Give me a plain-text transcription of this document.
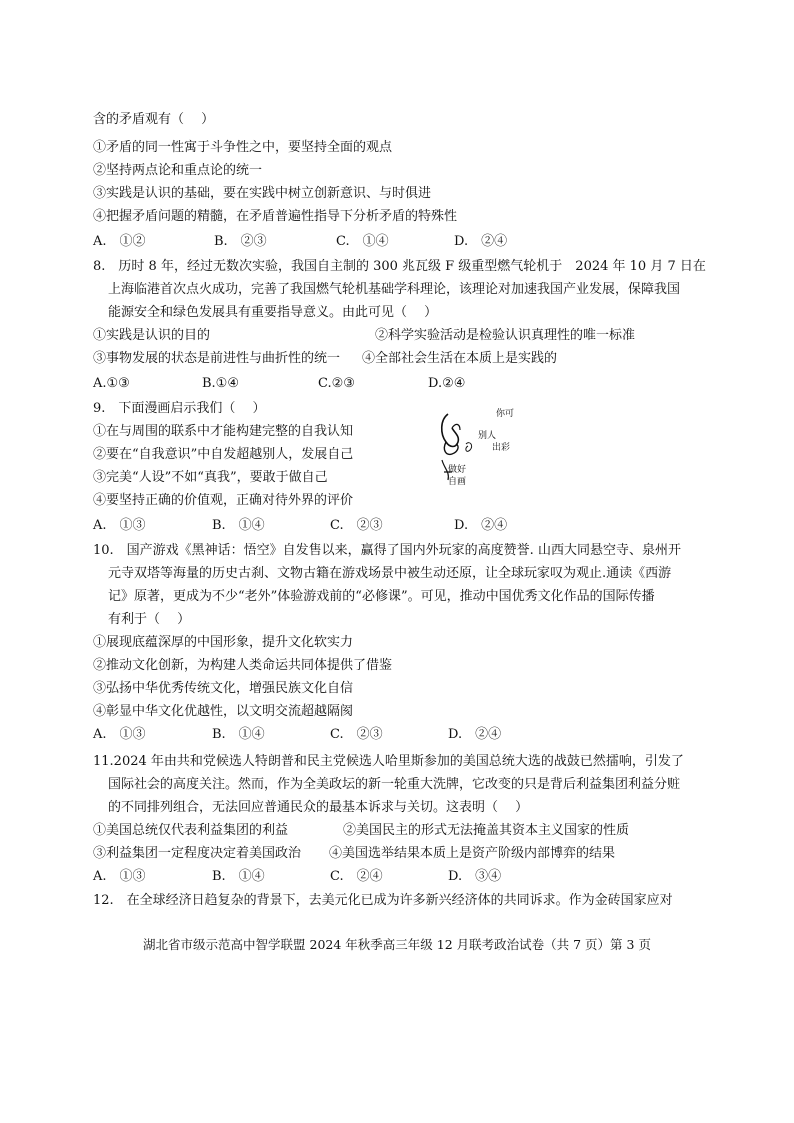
含的矛盾观有（　 ）
①矛盾的同一性寓于斗争性之中，要坚持全面的观点
②坚持两点论和重点论的统一
③实践是认识的基础，要在实践中树立创新意识、与时俱进
④把握矛盾问题的精髓，在矛盾普遍性指导下分析矛盾的特殊性
A.　①②	B.　②③	C.　①④	D.　②④
8.　历时 8 年，经过无数次实验，我国自主制的 300 兆瓦级 F 级重型燃气轮机于　2024 年 10 月 7 日在
上海临港首次点火成功，完善了我国燃气轮机基础学科理论，该理论对加速我国产业发展，保障我国
能源安全和绿色发展具有重要指导意义。由此可见（　 ）
①实践是认识的目的	②科学实验活动是检验认识真理性的唯一标准
③事物发展的状态是前进性与曲折性的统一 ④全部社会生活在本质上是实践的
A.①③	B.①④	C.②③	D.②④
9.　下面漫画启示我们（　 ）
①在与周围的联系中才能构建完整的自我认知
②要在“自我意识”中自发超越别人，发展自己
③完美“人设”不如“真我”，要敢于做自己
④要坚持正确的价值观，正确对待外界的评价
A.　①③	B.　①④	C.　②③	D.　②④
你可
别人
出彩
做好
自画
10.　国产游戏《黑神话：悟空》自发售以来，赢得了国内外玩家的高度赞誉. 山西大同悬空寺、泉州开
元寺双塔等海量的历史古刹、文物古籍在游戏场景中被生动还原，让全球玩家叹为观止.通读《西游
记》原著，更成为不少“老外”体验游戏前的“必修课”。可见，推动中国优秀文化作品的国际传播
有利于（　 ）
①展现底蕴深厚的中国形象，提升文化软实力
②推动文化创新，为构建人类命运共同体提供了借鉴
③弘扬中华优秀传统文化，增强民族文化自信
④彰显中华文化优越性，以文明交流超越隔阂
A.　①③	B.　①④	C.　②③	D.　②④
11.2024 年由共和党候选人特朗普和民主党候选人哈里斯参加的美国总统大选的战鼓已然擂响，引发了
国际社会的高度关注。然而，作为全美政坛的新一轮重大洗牌，它改变的只是背后利益集团利益分赃
的不同排列组合，无法回应普通民众的最基本诉求与关切。这表明（　 ）
①美国总统仅代表利益集团的利益	②美国民主的形式无法掩盖其资本主义国家的性质
③利益集团一定程度决定着美国政治 ④美国选举结果本质上是资产阶级内部博弈的结果
A.　①③	B.　①④	C.　②④	D.　③④
12.　在全球经济日趋复杂的背景下，去美元化已成为许多新兴经济体的共同诉求。作为金砖国家应对
湖北省市级示范高中智学联盟 2024 年秋季高三年级 12 月联考政治试卷（共 7 页）第 3 页
